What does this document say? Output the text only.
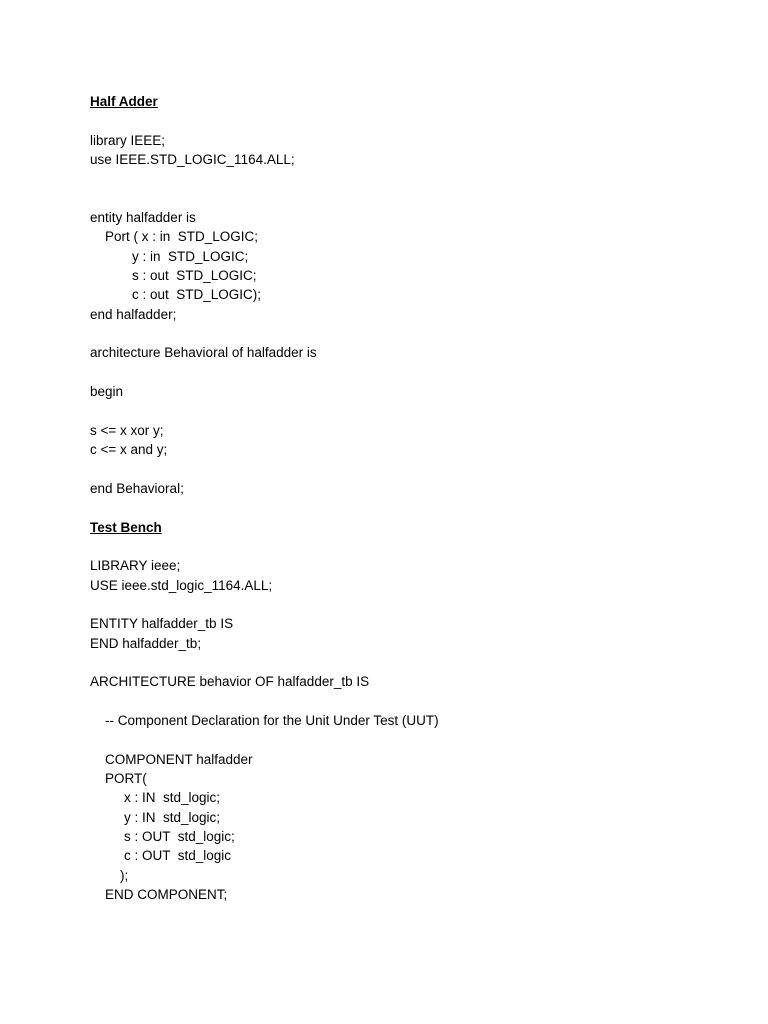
Half Adder
library IEEE;
use IEEE.STD_LOGIC_1164.ALL;
entity halfadder is
Port ( x : in  STD_LOGIC;
y : in  STD_LOGIC;
s : out  STD_LOGIC;
c : out  STD_LOGIC);
end halfadder;
architecture Behavioral of halfadder is
begin
s <= x xor y;
c <= x and y;
end Behavioral;
Test Bench
LIBRARY ieee;
USE ieee.std_logic_1164.ALL;
ENTITY halfadder_tb IS
END halfadder_tb;
ARCHITECTURE behavior OF halfadder_tb IS
-- Component Declaration for the Unit Under Test (UUT)
COMPONENT halfadder
PORT(
x : IN  std_logic;
y : IN  std_logic;
s : OUT  std_logic;
c : OUT  std_logic
);
END COMPONENT;
